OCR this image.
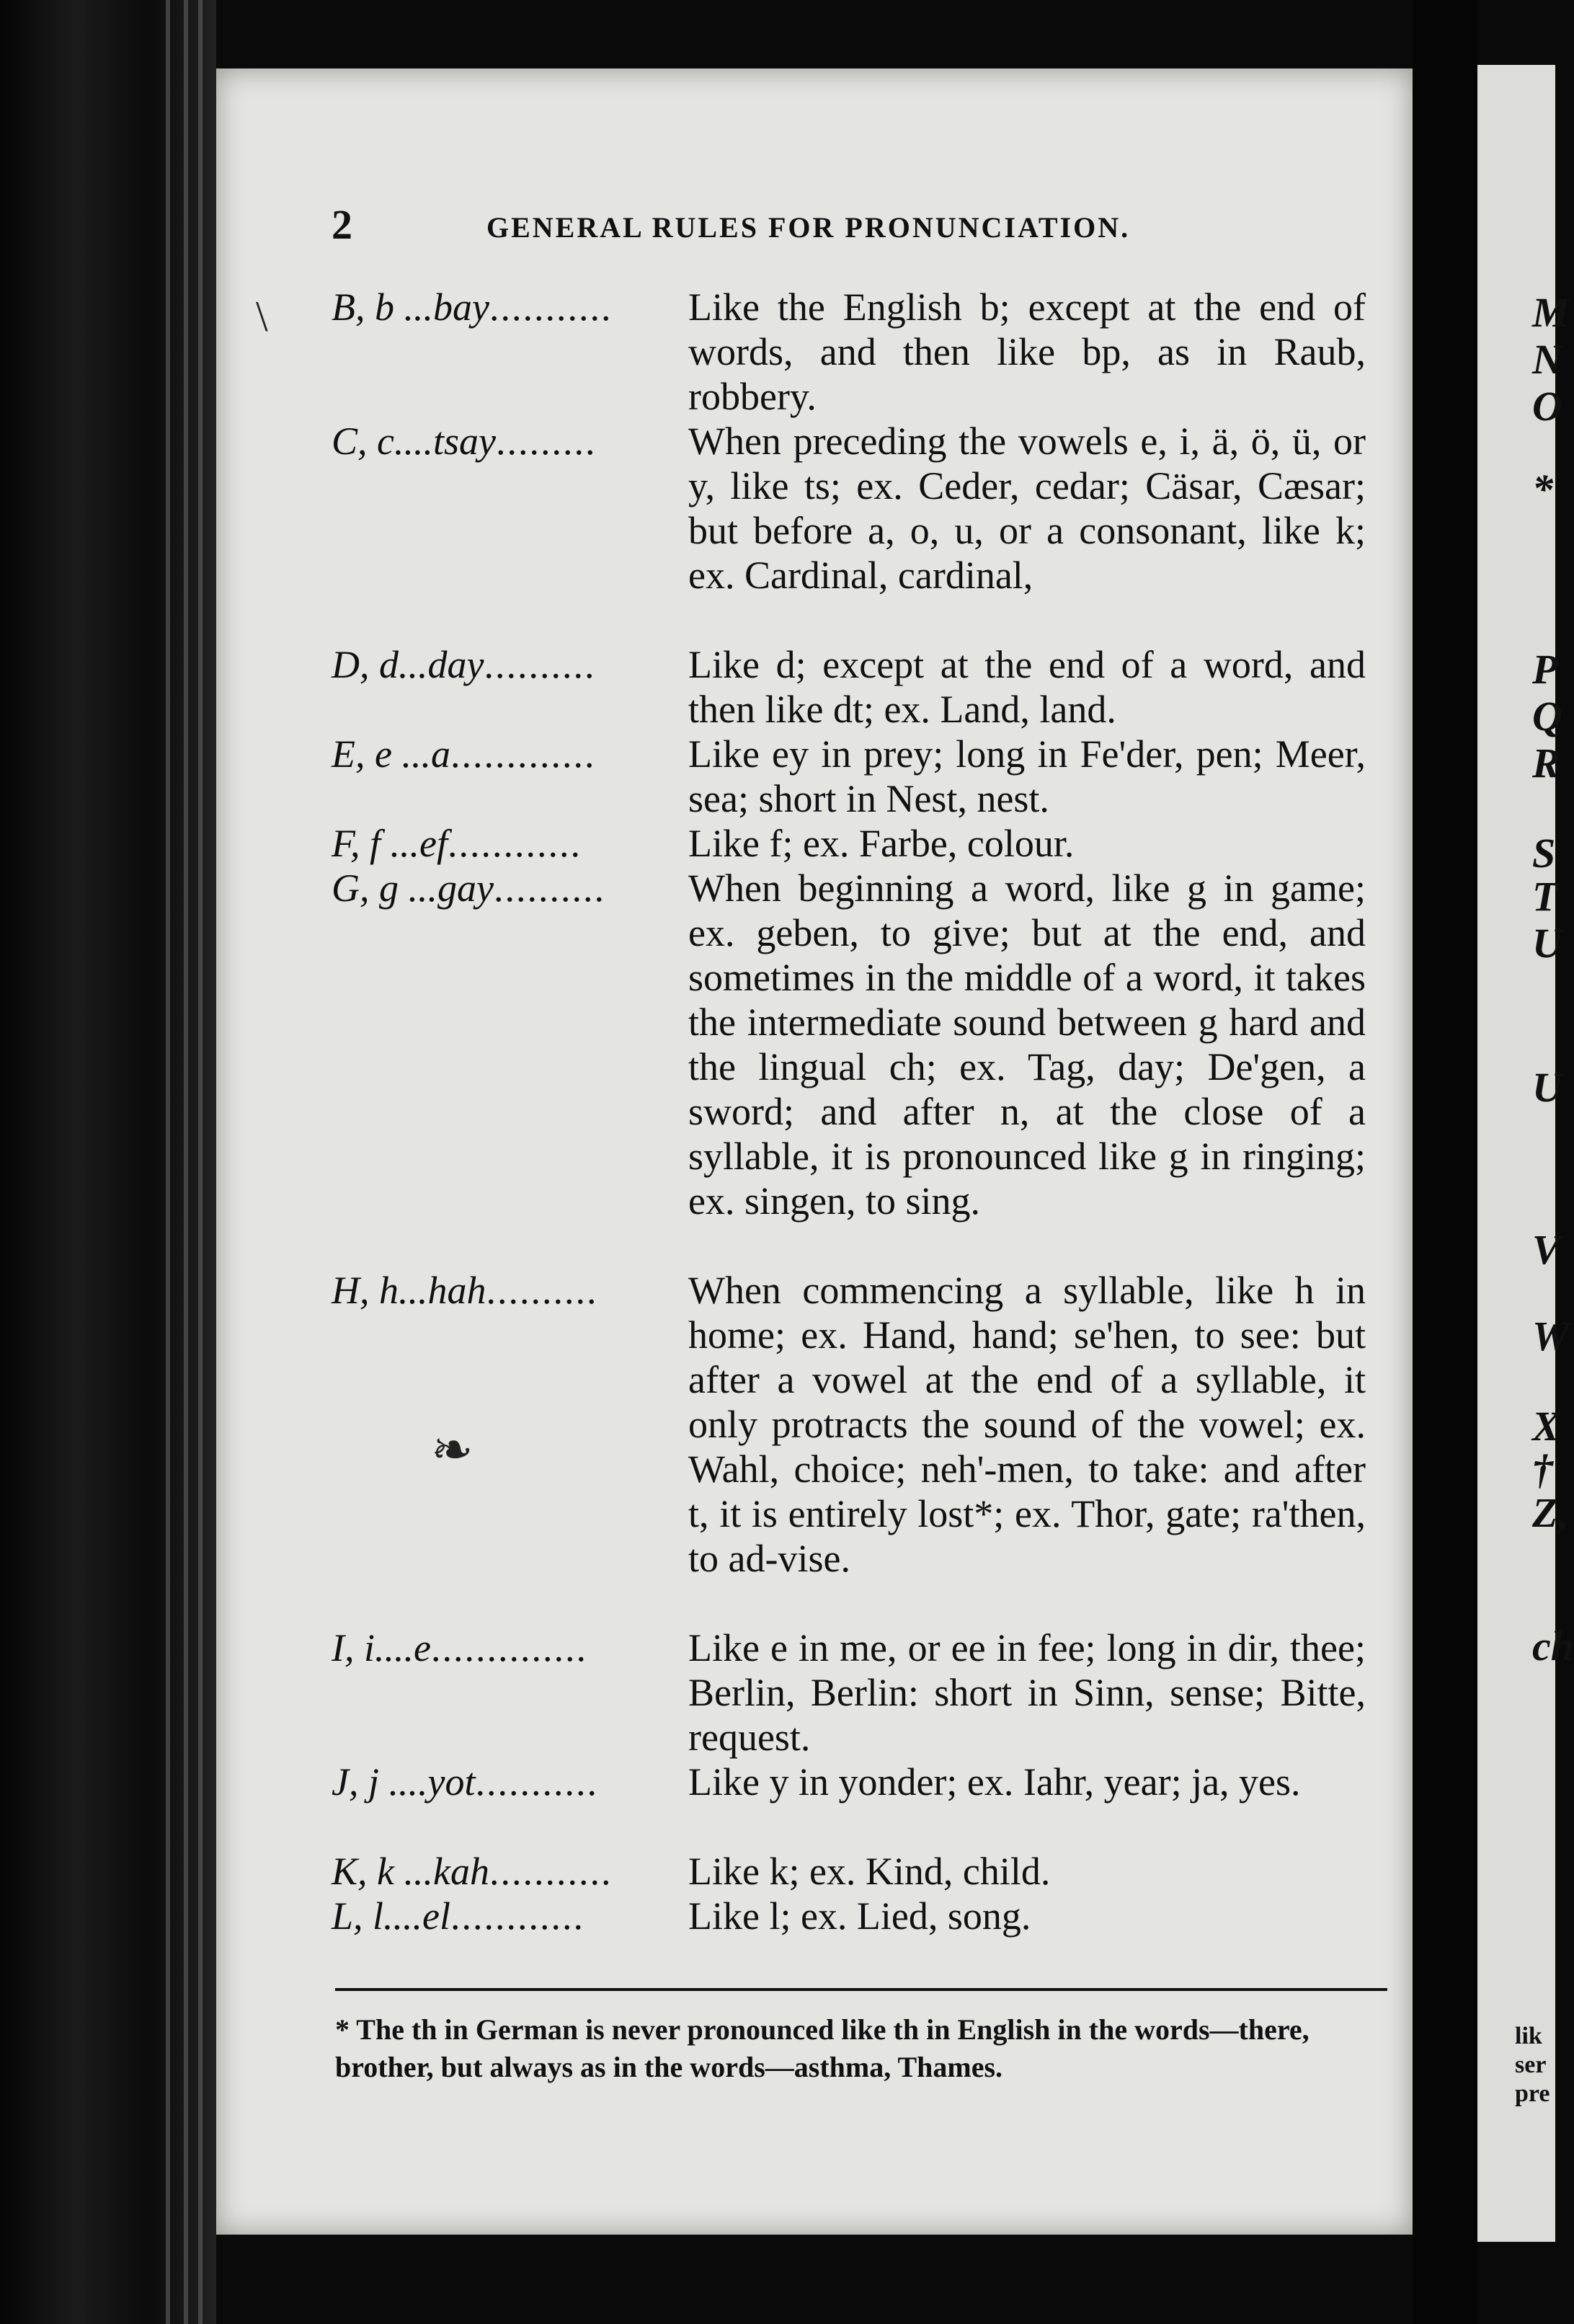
M
N
O
*
P
Q
R
S
T
U
U
V
W
X
†
Z,
ch
lik
ser
pre
2	GENERAL RULES FOR PRONUNCIATION.
B, b ...bay...........	Like the English b; except at the end of words, and then like bp, as in Raub, robbery.
C, c....tsay.........	When preceding the vowels e, i, ä, ö, ü, or y, like ts; ex. Ceder, cedar; Cäsar, Cæsar; but before a, o, u, or a consonant, like k; ex. Cardinal, cardinal,
D, d...day..........	Like d; except at the end of a word, and then like dt; ex. Land, land.
E, e ...a.............	Like ey in prey; long in Fe'der, pen; Meer, sea; short in Nest, nest.
F, f ...ef............	Like f; ex. Farbe, colour.
G, g ...gay..........	When beginning a word, like g in game; ex. geben, to give; but at the end, and sometimes in the middle of a word, it takes the intermediate sound between g hard and the lingual ch; ex. Tag, day; De'gen, a sword; and after n, at the close of a syllable, it is pronounced like g in ringing; ex. singen, to sing.
H, h...hah..........	When commencing a syllable, like h in home; ex. Hand, hand; se'hen, to see: but after a vowel at the end of a syllable, it only protracts the sound of the vowel; ex. Wahl, choice; neh'-men, to take: and after t, it is entirely lost*; ex. Thor, gate; ra'then, to ad-vise.
I, i....e..............	Like e in me, or ee in fee; long in dir, thee; Berlin, Berlin: short in Sinn, sense; Bitte, request.
J, j ....yot...........	Like y in yonder; ex. Iahr, year; ja, yes.
K, k ...kah...........	Like k; ex. Kind, child.
L, l....el............	Like l; ex. Lied, song.
* The th in German is never pronounced like th in English in the words—there, brother, but always as in the words—asthma, Thames.
\
❧
